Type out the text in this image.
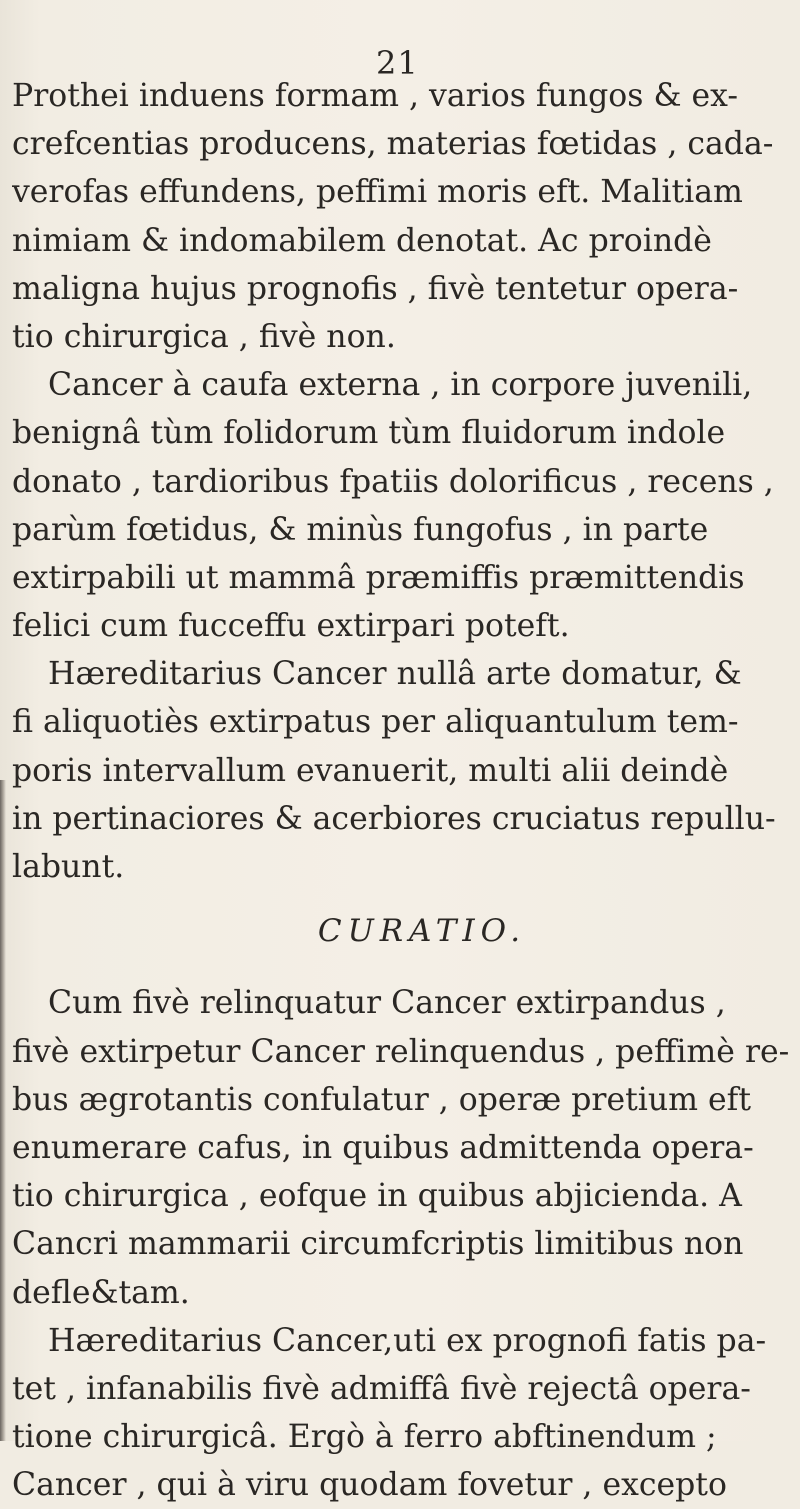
21
Prothei induens formam , varios fungos & ex-
crefcentias producens, materias fœtidas , cada-
verofas effundens, peffimi moris eft. Malitiam
nimiam & indomabilem denotat. Ac proindè
maligna hujus prognofis , fivè tentetur opera-
tio chirurgica , fivè non.
Cancer à caufa externa , in corpore juvenili,
benignâ tùm folidorum tùm fluidorum indole
donato , tardioribus fpatiis dolorificus , recens ,
parùm fœtidus, & minùs fungofus , in parte
extirpabili ut mammâ præmiffis præmittendis
felici cum fucceffu extirpari poteft.
Hæreditarius Cancer nullâ arte domatur, &
fi aliquotiès extirpatus per aliquantulum tem-
poris intervallum evanuerit, multi alii deindè
in pertinaciores & acerbiores cruciatus repullu-
labunt.
CURATIO.
Cum fivè relinquatur Cancer extirpandus ,
fivè extirpetur Cancer relinquendus , peffimè re-
bus ægrotantis confulatur , operæ pretium eft
enumerare cafus, in quibus admittenda opera-
tio chirurgica , eofque in quibus abjicienda. A
Cancri mammarii circumfcriptis limitibus non
defle&tam.
Hæreditarius Cancer,uti ex prognofi fatis pa-
tet , infanabilis fivè admiffâ fivè rejectâ opera-
tione chirurgicâ. Ergò à ferro abftinendum ;
Cancer , qui à viru quodam fovetur , excepto
